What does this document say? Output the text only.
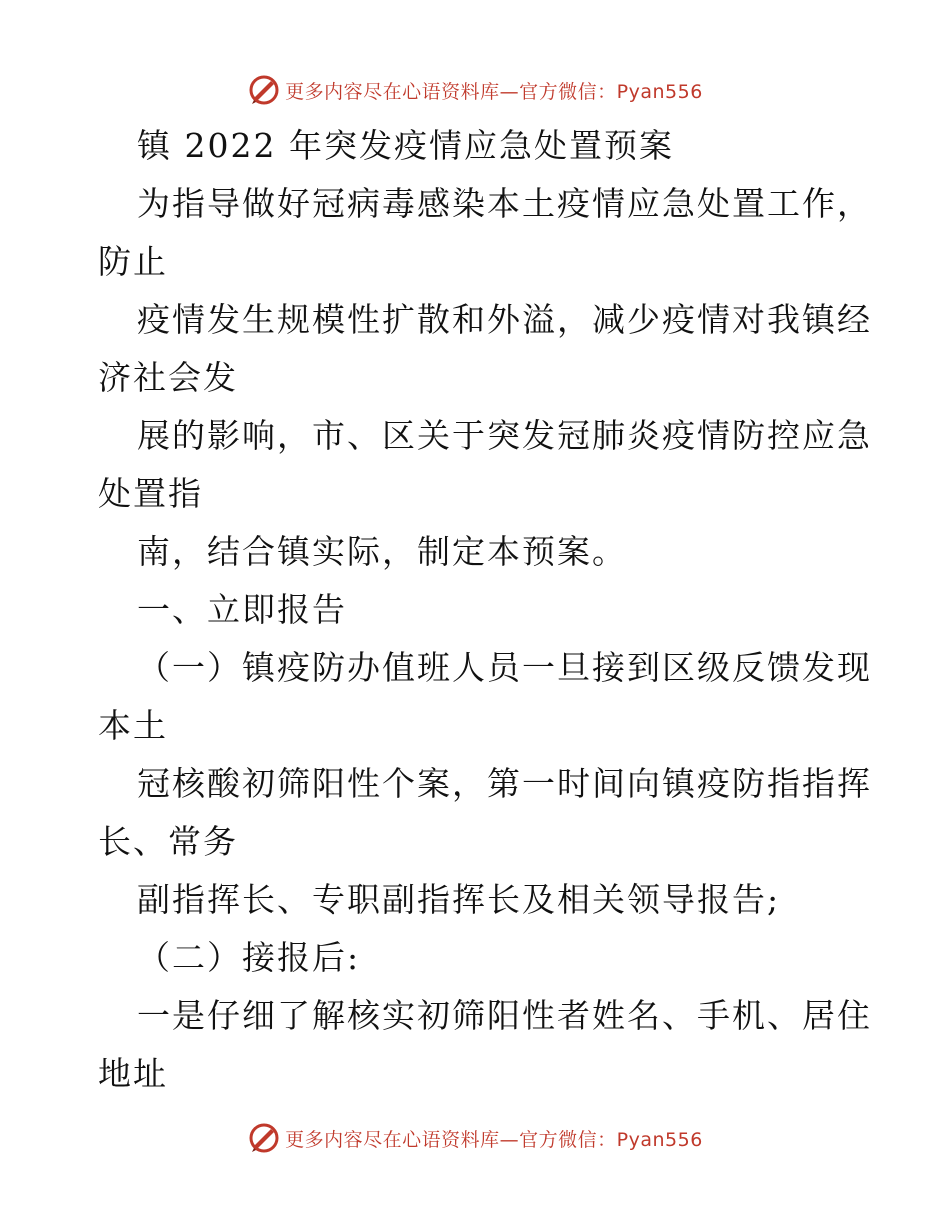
更多内容尽在心语资料库—官方微信：Pyan556
镇 2022 年突发疫情应急处置预案
为指导做好冠病毒感染本土疫情应急处置工作，
防止
疫情发生规模性扩散和外溢，减少疫情对我镇经
济社会发
展的影响，市、区关于突发冠肺炎疫情防控应急
处置指
南，结合镇实际，制定本预案。
一、立即报告
（一）镇疫防办值班人员一旦接到区级反馈发现
本土
冠核酸初筛阳性个案，第一时间向镇疫防指指挥
长、常务
副指挥长、专职副指挥长及相关领导报告;
（二）接报后:
一是仔细了解核实初筛阳性者姓名、手机、居住
地址
更多内容尽在心语资料库—官方微信：Pyan556
